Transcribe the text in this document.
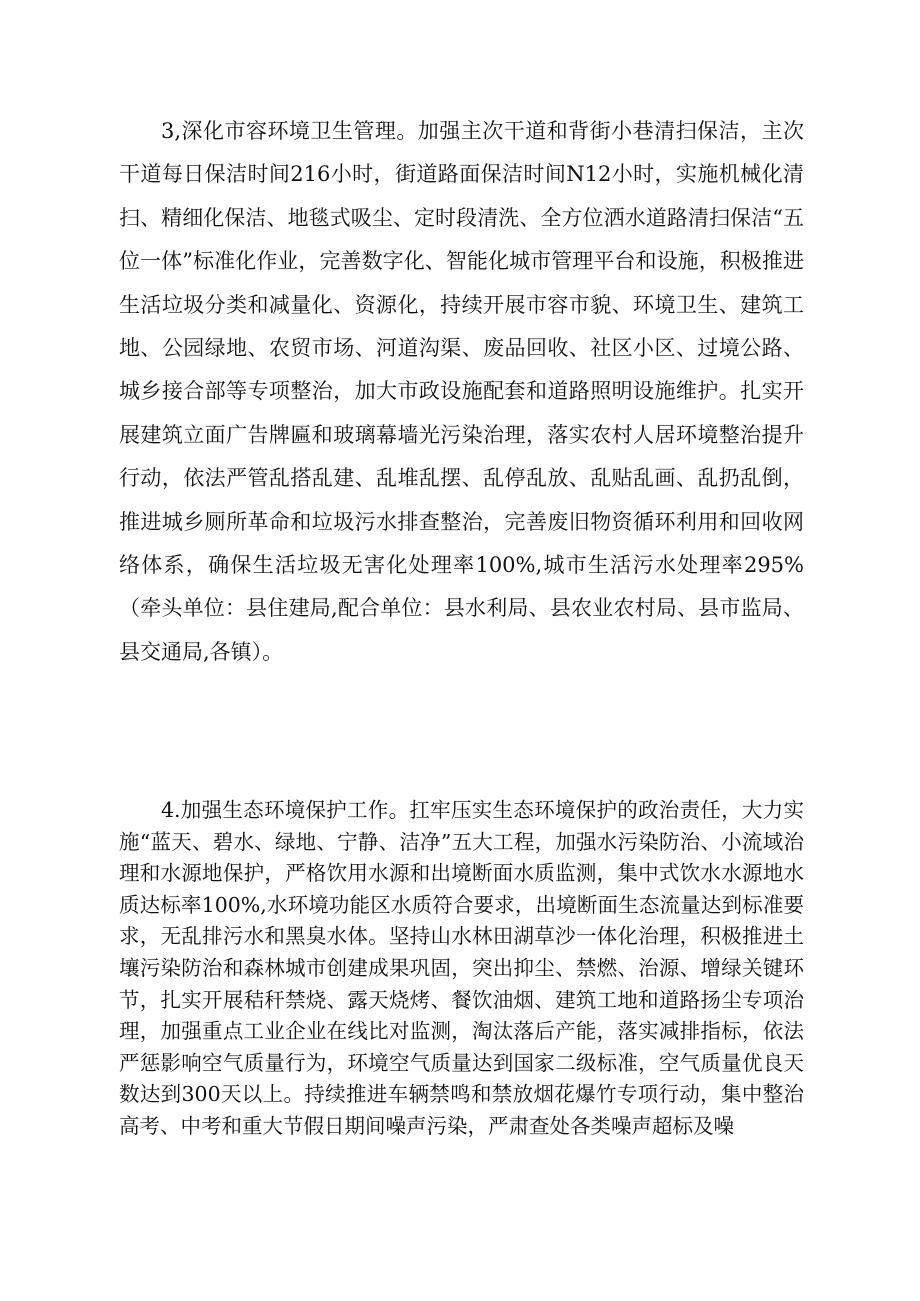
3,深化市容环境卫生管理。加强主次干道和背街小巷清扫保洁，主次干道每日保洁时间216小时，街道路面保洁时间N12小时，实施机械化清扫、精细化保洁、地毯式吸尘、定时段清洗、全方位洒水道路清扫保洁“五位一体”标准化作业，完善数字化、智能化城市管理平台和设施，积极推进生活垃圾分类和减量化、资源化，持续开展市容市貌、环境卫生、建筑工地、公园绿地、农贸市场、河道沟渠、废品回收、社区小区、过境公路、城乡接合部等专项整治，加大市政设施配套和道路照明设施维护。扎实开展建筑立面广告牌匾和玻璃幕墙光污染治理，落实农村人居环境整治提升行动，依法严管乱搭乱建、乱堆乱摆、乱停乱放、乱贴乱画、乱扔乱倒，推进城乡厕所革命和垃圾污水排查整治，完善废旧物资循环利用和回收网络体系，确保生活垃圾无害化处理率100%,城市生活污水处理率295%（牵头单位：县住建局,配合单位：县水利局、县农业农村局、县市监局、县交通局,各镇）。

4.加强生态环境保护工作。扛牢压实生态环境保护的政治责任，大力实施“蓝天、碧水、绿地、宁静、洁净”五大工程，加强水污染防治、小流域治理和水源地保护，严格饮用水源和出境断面水质监测，集中式饮水水源地水质达标率100%,水环境功能区水质符合要求，出境断面生态流量达到标准要求，无乱排污水和黑臭水体。坚持山水林田湖草沙一体化治理，积极推进土壤污染防治和森林城市创建成果巩固，突出抑尘、禁燃、治源、增绿关键环节，扎实开展秸秆禁烧、露天烧烤、餐饮油烟、建筑工地和道路扬尘专项治理，加强重点工业企业在线比对监测，淘汰落后产能，落实减排指标，依法严惩影响空气质量行为，环境空气质量达到国家二级标准，空气质量优良天数达到300天以上。持续推进车辆禁鸣和禁放烟花爆竹专项行动，集中整治高考、中考和重大节假日期间噪声污染，严肃查处各类噪声超标及噪
